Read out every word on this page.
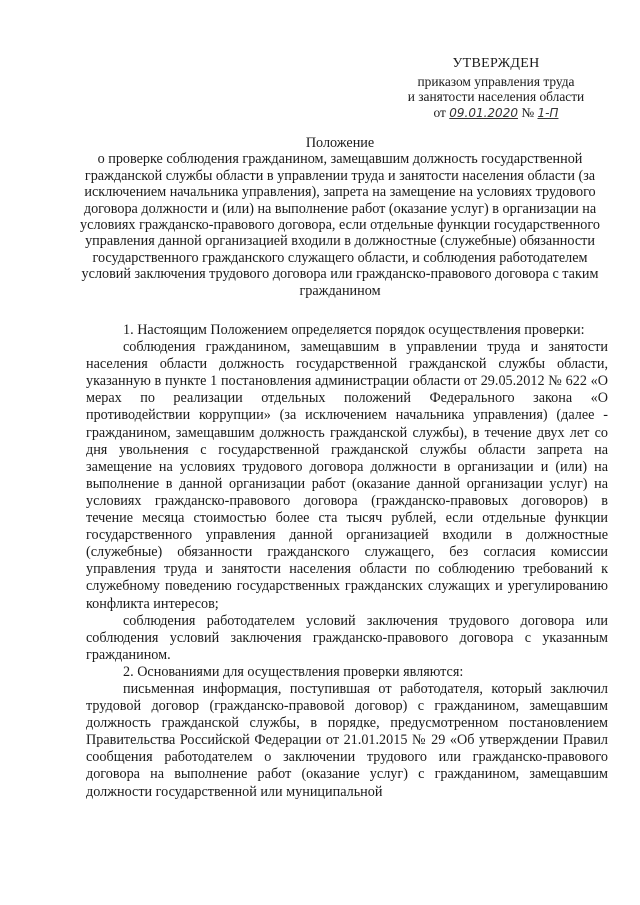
УТВЕРЖДЕН
приказом управления труда
и занятости населения области
от 09.01.2020 № 1-П
Положение
о проверке соблюдения гражданином, замещавшим должность государственной гражданской службы области в управлении труда и занятости населения области (за исключением начальника управления), запрета на замещение на условиях трудового договора должности и (или) на выполнение работ (оказание услуг) в организации на условиях гражданско-правового договора, если отдельные функции государственного управления данной организацией входили в должностные (служебные) обязанности государственного гражданского служащего области, и соблюдения работодателем условий заключения трудового договора или гражданско-правового договора с таким гражданином

1. Настоящим Положением определяется порядок осуществления проверки:

соблюдения гражданином, замещавшим в управлении труда и занятости населения области должность государственной гражданской службы области, указанную в пункте 1 постановления администрации области от 29.05.2012 № 622 «О мерах по реализации отдельных положений Федерального закона «О противодействии коррупции» (за исключением начальника управления) (далее - гражданином, замещавшим должность гражданской службы), в течение двух лет со дня увольнения с государственной гражданской службы области запрета на замещение на условиях трудового договора должности в организации и (или) на выполнение в данной организации работ (оказание данной организации услуг) на условиях гражданско-правового договора (гражданско-правовых договоров) в течение месяца стоимостью более ста тысяч рублей, если отдельные функции государственного управления данной организацией входили в должностные (служебные) обязанности гражданского служащего, без согласия комиссии управления труда и занятости населения области по соблюдению требований к служебному поведению государственных гражданских служащих и урегулированию конфликта интересов;

соблюдения работодателем условий заключения трудового договора или соблюдения условий заключения гражданско-правового договора с указанным гражданином.

2. Основаниями для осуществления проверки являются:

письменная информация, поступившая от работодателя, который заключил трудовой договор (гражданско-правовой договор) с гражданином, замещавшим должность гражданской службы, в порядке, предусмотренном постановлением Правительства Российской Федерации от 21.01.2015 № 29 «Об утверждении Правил сообщения работодателем о заключении трудового или гражданско-правового договора на выполнение работ (оказание услуг) с гражданином, замещавшим должности государственной или муниципальной
